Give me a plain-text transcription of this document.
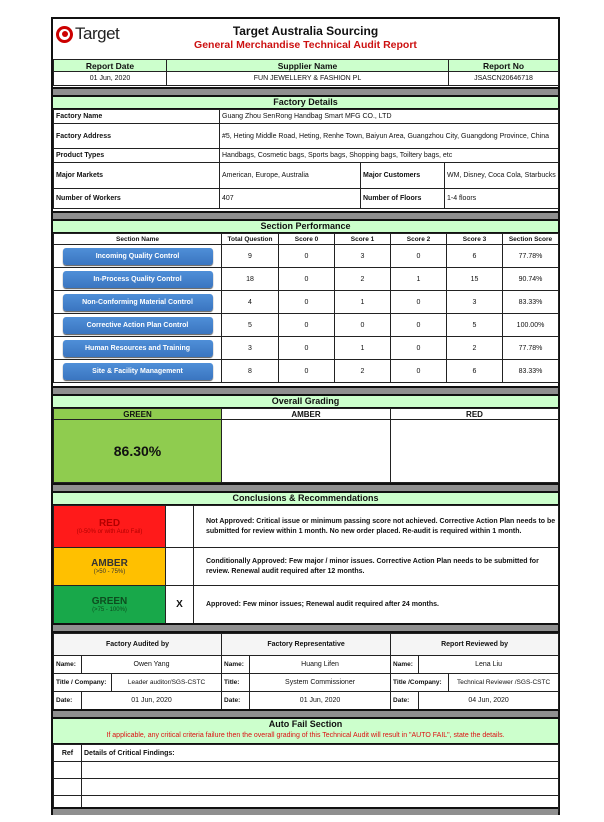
Target	Target Australia Sourcing
General Merchandise Technical Audit Report
Report Date	Supplier Name	Report No
01 Jun, 2020	FUN JEWELLERY & FASHION PL	JSASCN20646718
Factory Details
Factory Name	Guang Zhou SenRong Handbag Smart MFG CO., LTD		
Factory Address	#5, Heting Middle Road, Heting, Renhe Town, Baiyun Area, Guangzhou City, Guangdong Province, China		
Product Types	Handbags, Cosmetic bags, Sports bags, Shopping bags, Toiltery bags, etc		
Major Markets	American, Europe, Australia	Major Customers	WM, Disney, Coca Cola, Starbucks
Number of Workers	407	Number of Floors	1-4 floors
Section Performance
Section Name	Total Question	Score 0	Score 1	Score 2	Score 3	Section Score

Incoming Quality Control	9	0	3	0	6	77.78%

In-Process Quality Control	18	0	2	1	15	90.74%

Non-Conforming Material Control	4	0	1	0	3	83.33%

Corrective Action Plan Control	5	0	0	0	5	100.00%

Human Resources and Training	3	0	1	0	2	77.78%

Site & Facility Management	8	0	2	0	6	83.33%
Overall Grading
GREEN	AMBER	RED
86.30%		
Conclusions & Recommendations
RED
(0-50% or with Auto Fail)		Not Approved: Critical issue or minimum passing score not achieved. Corrective Action Plan needs to be submitted for review within 1 month. No new order placed. Re-audit is required within 1 month.

AMBER
(>50 - 75%)		Conditionally Approved: Few major / minor issues. Corrective Action Plan needs to be submitted for review. Renewal audit required after 12 months.

GREEN
(>75 - 100%)	X	Approved: Few minor issues; Renewal audit required after 24 months.
Factory Audited by			Factory Representative		Report Reviewed by		
Name:	Owen Yang		Name:	Huang Lifen	Name:	Lena Liu	
Title / Company:		Leader auditor/SGS-CSTC	Title:	System Commissioner	Title /Company:		Technical Reviewer /SGS-CSTC
Date:	01 Jun, 2020		Date:	01 Jun, 2020	Date:	04 Jun, 2020	
Auto Fail Section
If applicable, any critical criteria failure then the overall grading of this Technical Audit will result in "AUTO FAIL", state the details.
Ref	Details of Critical Findings:
